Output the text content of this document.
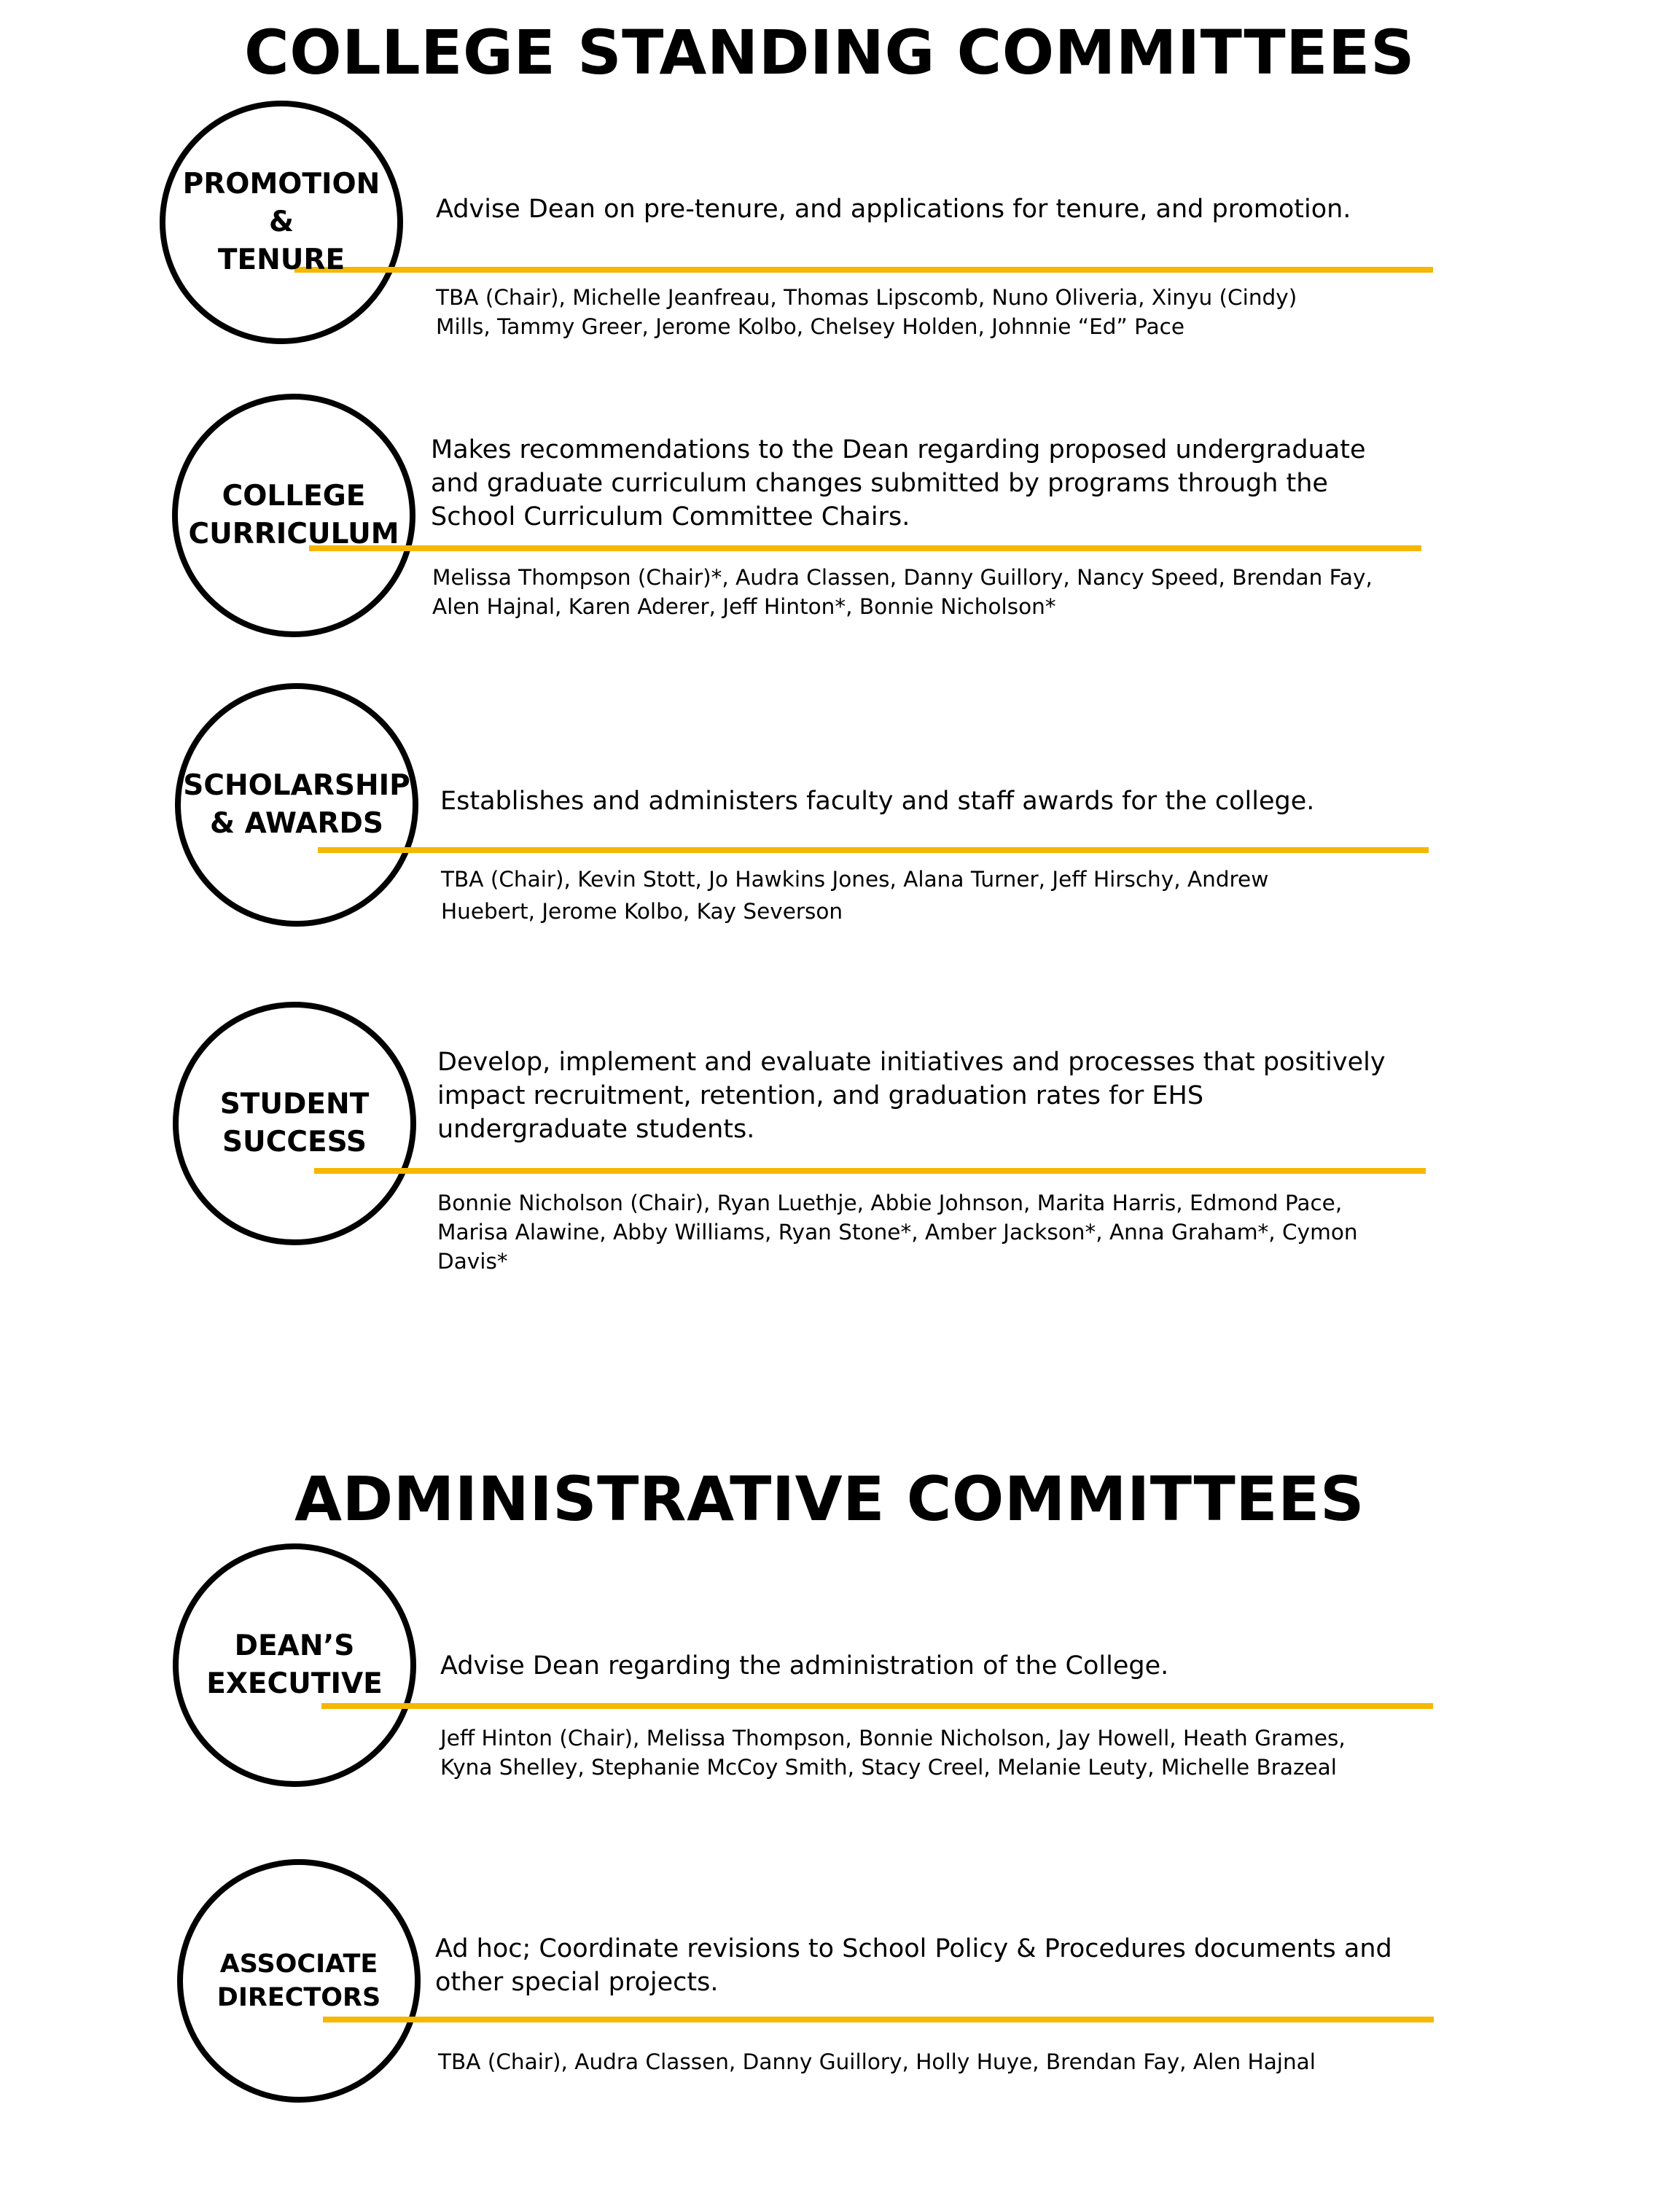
COLLEGE STANDING COMMITTEES
PROMOTION &
TENURE

Advise Dean on pre-tenure, and applications for tenure, and promotion.

TBA (Chair), Michelle Jeanfreau, Thomas Lipscomb, Nuno Oliveria, Xinyu (Cindy) Mills, Tammy Greer, Jerome Kolbo, Chelsey Holden, Johnnie “Ed” Pace

COLLEGE
CURRICULUM

Makes recommendations to the Dean regarding proposed undergraduate and graduate curriculum changes submitted by programs through the School Curriculum Committee Chairs.

Melissa Thompson (Chair)*, Audra Classen, Danny Guillory, Nancy Speed, Brendan Fay, Alen Hajnal, Karen Aderer, Jeff Hinton*, Bonnie Nicholson*

SCHOLARSHIP
& AWARDS

Establishes and administers faculty and staff awards for the college.

TBA (Chair), Kevin Stott, Jo Hawkins Jones, Alana Turner, Jeff Hirschy, Andrew Huebert, Jerome Kolbo, Kay Severson

STUDENT
SUCCESS

Develop, implement and evaluate initiatives and processes that positively impact recruitment, retention, and graduation rates for EHS undergraduate students.

Bonnie Nicholson (Chair), Ryan Luethje, Abbie Johnson, Marita Harris, Edmond Pace, Marisa Alawine, Abby Williams, Ryan Stone*, Amber Jackson*, Anna Graham*, Cymon Davis*

ADMINISTRATIVE COMMITTEES
DEAN’S
EXECUTIVE

Advise Dean regarding the administration of the College.

Jeff Hinton (Chair), Melissa Thompson, Bonnie Nicholson, Jay Howell, Heath Grames, Kyna Shelley, Stephanie McCoy Smith, Stacy Creel, Melanie Leuty, Michelle Brazeal

ASSOCIATE
DIRECTORS

Ad hoc; Coordinate revisions to School Policy & Procedures documents and other special projects.

TBA (Chair), Audra Classen, Danny Guillory, Holly Huye, Brendan Fay, Alen Hajnal
